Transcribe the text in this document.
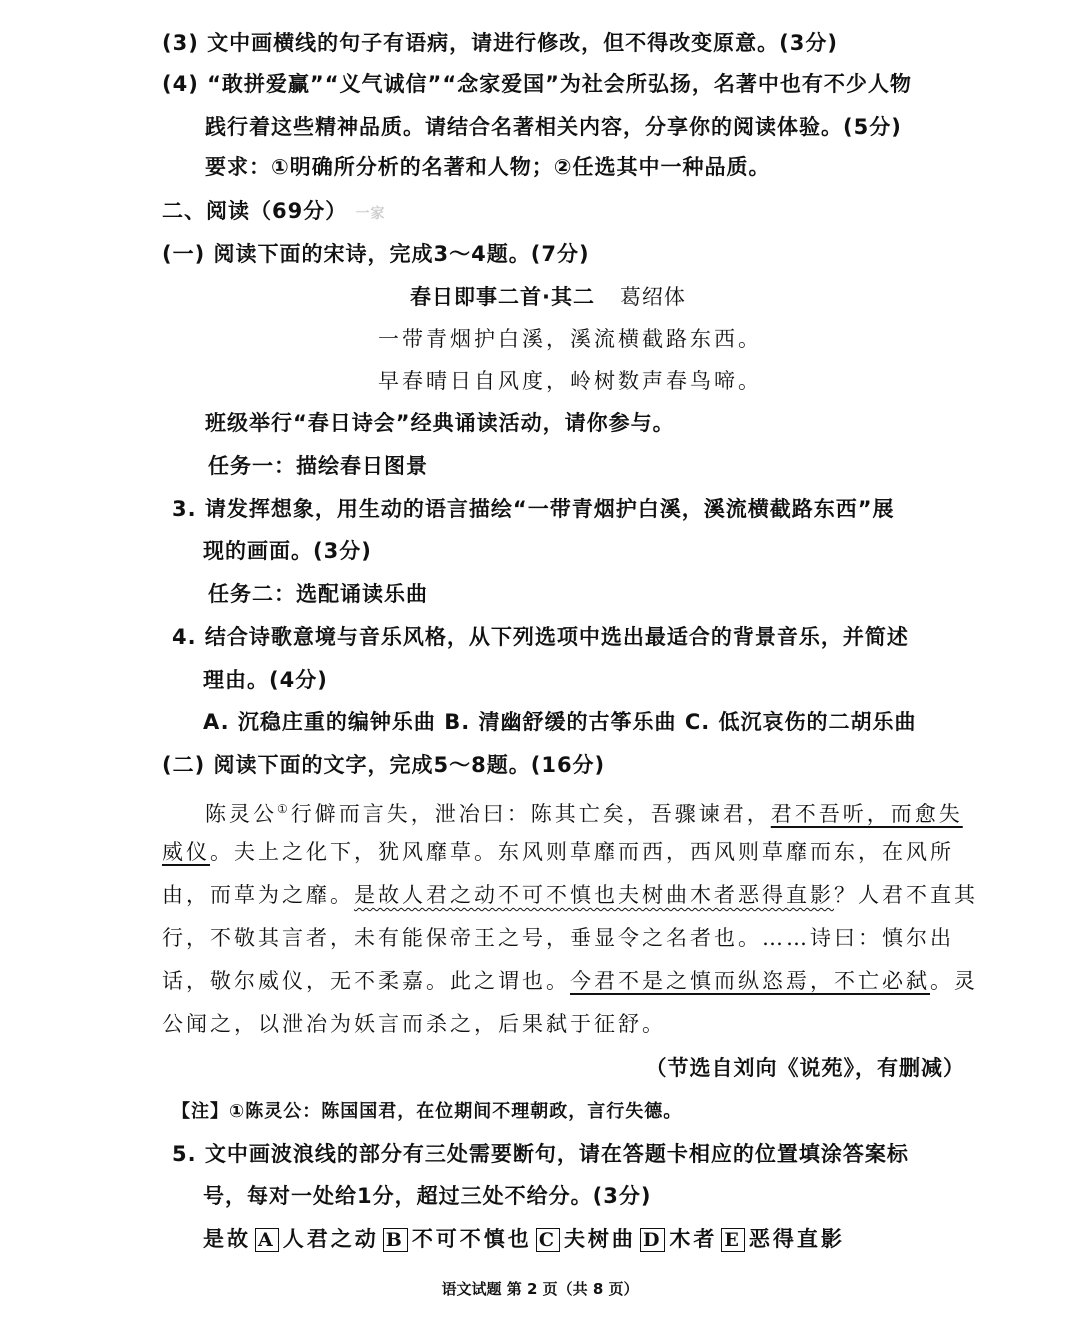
(3) 文中画横线的句子有语病，请进行修改，但不得改变原意。(3分)
(4) “敢拼爱赢”“义气诚信”“念家爱国”为社会所弘扬，名著中也有不少人物
践行着这些精神品质。请结合名著相关内容，分享你的阅读体验。(5分)
要求：①明确所分析的名著和人物；②任选其中一种品质。
二、阅读（69分） 一家
(一) 阅读下面的宋诗，完成3～4题。(7分)
春日即事二首·其二 葛绍体
一带青烟护白溪，溪流横截路东西。
早春晴日自风度，岭树数声春鸟啼。
班级举行“春日诗会”经典诵读活动，请你参与。
任务一：描绘春日图景
3. 请发挥想象，用生动的语言描绘“一带青烟护白溪，溪流横截路东西”展
现的画面。(3分)
任务二：选配诵读乐曲
4. 结合诗歌意境与音乐风格，从下列选项中选出最适合的背景音乐，并简述
理由。(4分)
A. 沉稳庄重的编钟乐曲 B. 清幽舒缓的古筝乐曲 C. 低沉哀伤的二胡乐曲
(二) 阅读下面的文字，完成5～8题。(16分)
陈灵公①行僻而言失，泄冶曰：陈其亡矣，吾骤谏君，君不吾听，而愈失
威仪。夫上之化下，犹风靡草。东风则草靡而西，西风则草靡而东，在风所
由，而草为之靡。是故人君之动不可不慎也夫树曲木者恶得直影？人君不直其
行，不敬其言者，未有能保帝王之号，垂显令之名者也。……诗曰：慎尔出
话，敬尔威仪，无不柔嘉。此之谓也。今君不是之慎而纵恣焉，不亡必弑。灵
公闻之，以泄冶为妖言而杀之，后果弑于征舒。
（节选自刘向《说苑》，有删减）
【注】①陈灵公：陈国国君，在位期间不理朝政，言行失德。
5. 文中画波浪线的部分有三处需要断句，请在答题卡相应的位置填涂答案标
号，每对一处给1分，超过三处不给分。(3分)
是故 A 人君之动 B 不可不慎也 C 夫树曲 D 木者 E 恶得直影
语文试题 第 2 页（共 8 页）
